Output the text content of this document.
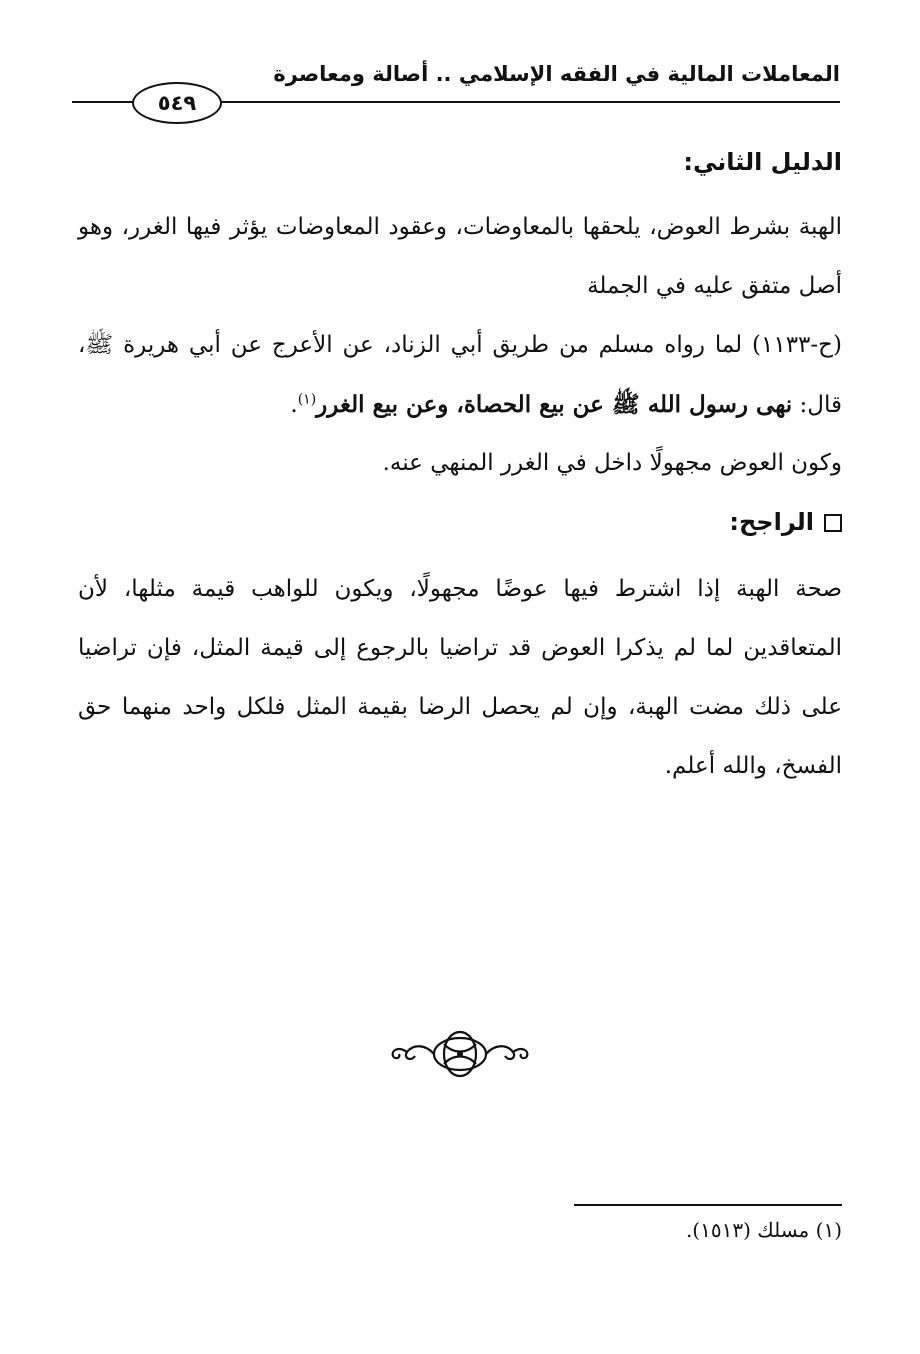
المعاملات المالية في الفقه الإسلامي .. أصالة ومعاصرة
٥٤٩
الدليل الثاني:

الهبة بشرط العوض، يلحقها بالمعاوضات، وعقود المعاوضات يؤثر فيها الغرر، وهو أصل متفق عليه في الجملة

(ح-١١٣٣) لما رواه مسلم من طريق أبي الزناد، عن الأعرج عن أبي هريرة ﷺ، قال: نهى رسول الله ﷺ عن بيع الحصاة، وعن بيع الغرر$^{(١)}$.

وكون العوض مجهولًا داخل في الغرر المنهي عنه.

الراجح:

صحة الهبة إذا اشترط فيها عوضًا مجهولًا، ويكون للواهب قيمة مثلها، لأن المتعاقدين لما لم يذكرا العوض قد تراضيا بالرجوع إلى قيمة المثل، فإن تراضيا على ذلك مضت الهبة، وإن لم يحصل الرضا بقيمة المثل فلكل واحد منهما حق الفسخ، والله أعلم.

(١) مسلك (١٥١٣).
